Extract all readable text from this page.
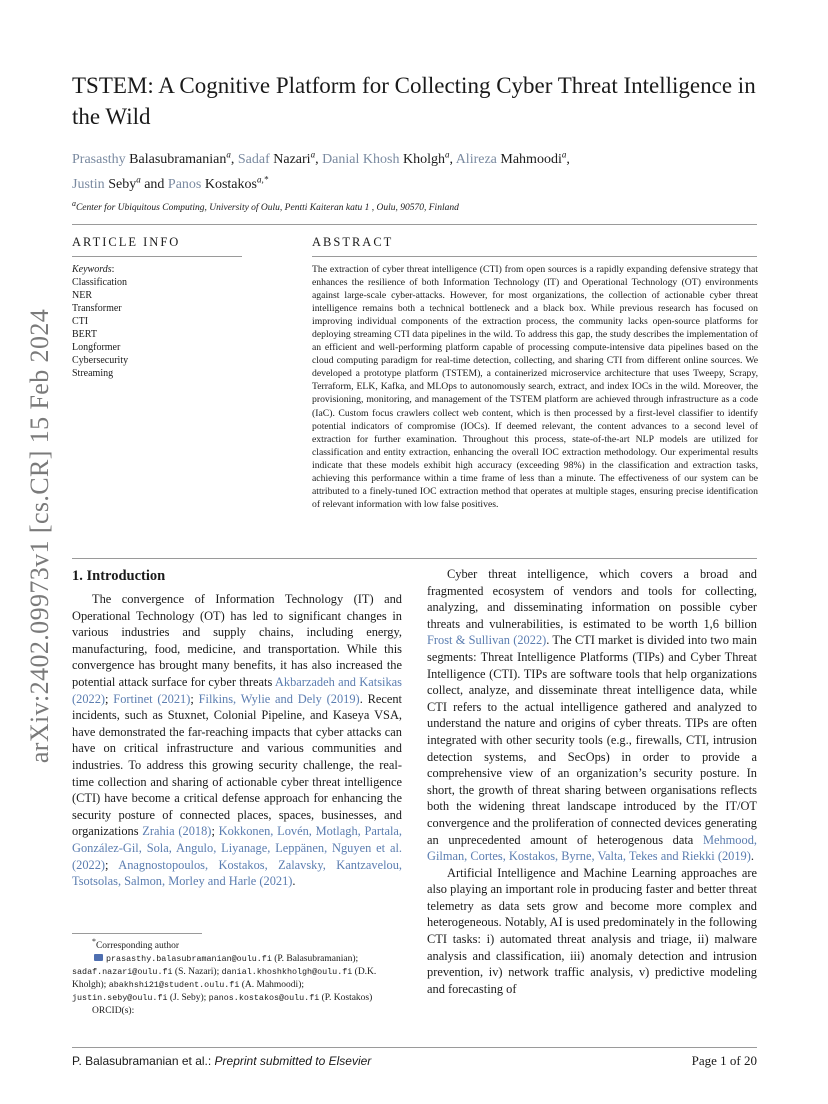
arXiv:2402.09973v1 [cs.CR] 15 Feb 2024
TSTEM: A Cognitive Platform for Collecting Cyber Threat Intelligence in the Wild
Prasasthy Balasubramanian$^a$, Sadaf Nazari$^a$, Danial Khosh Kholgh$^a$, Alireza Mahmoodi$^a$,
Justin Seby$^a$ and Panos Kostakos$^{a,*}$
$^a$Center for Ubiquitous Computing, University of Oulu, Pentti Kaiteran katu 1 , Oulu, 90570, Finland
ARTICLE INFO	ABSTRACT
Keywords:
Classification
NER
Transformer
CTI
BERT
Longformer
Cybersecurity
Streaming
The extraction of cyber threat intelligence (CTI) from open sources is a rapidly expanding defensive strategy that enhances the resilience of both Information Technology (IT) and Operational Technology (OT) environments against large-scale cyber-attacks. However, for most organizations, the collection of actionable cyber threat intelligence remains both a technical bottleneck and a black box. While previous research has focused on improving individual components of the extraction process, the community lacks open-source platforms for deploying streaming CTI data pipelines in the wild. To address this gap, the study describes the implementation of an efficient and well-performing platform capable of processing compute-intensive data pipelines based on the cloud computing paradigm for real-time detection, collecting, and sharing CTI from different online sources. We developed a prototype platform (TSTEM), a containerized microservice architecture that uses Tweepy, Scrapy, Terraform, ELK, Kafka, and MLOps to autonomously search, extract, and index IOCs in the wild. Moreover, the provisioning, monitoring, and management of the TSTEM platform are achieved through infrastructure as a code (IaC). Custom focus crawlers collect web content, which is then processed by a first-level classifier to identify potential indicators of compromise (IOCs). If deemed relevant, the content advances to a second level of extraction for further examination. Throughout this process, state-of-the-art NLP models are utilized for classification and entity extraction, enhancing the overall IOC extraction methodology. Our experimental results indicate that these models exhibit high accuracy (exceeding 98%) in the classification and extraction tasks, achieving this performance within a time frame of less than a minute. The effectiveness of our system can be attributed to a finely-tuned IOC extraction method that operates at multiple stages, ensuring precise identification of relevant information with low false positives.
1. Introduction

The convergence of Information Technology (IT) and Operational Technology (OT) has led to significant changes in various industries and supply chains, including energy, manufacturing, food, medicine, and transportation. While this convergence has brought many benefits, it has also increased the potential attack surface for cyber threats Akbarzadeh and Katsikas (2022); Fortinet (2021); Filkins, Wylie and Dely (2019). Recent incidents, such as Stuxnet, Colonial Pipeline, and Kaseya VSA, have demonstrated the far-reaching impacts that cyber attacks can have on critical infrastructure and various communities and industries. To address this growing security challenge, the real-time collection and sharing of actionable cyber threat intelligence (CTI) have become a critical defense approach for enhancing the security posture of connected places, spaces, businesses, and organizations Zrahia (2018); Kokkonen, Lovén, Motlagh, Partala, González-Gil, Sola, Angulo, Liyanage, Leppänen, Nguyen et al. (2022); Anagnostopoulos, Kostakos, Zalavsky, Kantzavelou, Tsotsolas, Salmon, Morley and Harle (2021).

Cyber threat intelligence, which covers a broad and fragmented ecosystem of vendors and tools for collecting, analyzing, and disseminating information on possible cyber threats and vulnerabilities, is estimated to be worth 1,6 billion Frost & Sullivan (2022). The CTI market is divided into two main segments: Threat Intelligence Platforms (TIPs) and Cyber Threat Intelligence (CTI). TIPs are software tools that help organizations collect, analyze, and disseminate threat intelligence data, while CTI refers to the actual intelligence gathered and analyzed to understand the nature and origins of cyber threats. TIPs are often integrated with other security tools (e.g., firewalls, CTI, intrusion detection systems, and SecOps) in order to provide a comprehensive view of an organization’s security posture. In short, the growth of threat sharing between organisations reflects both the widening threat landscape introduced by the IT/OT convergence and the proliferation of connected devices generating an unprecedented amount of heterogenous data Mehmood, Gilman, Cortes, Kostakos, Byrne, Valta, Tekes and Riekki (2019).

Artificial Intelligence and Machine Learning approaches are also playing an important role in producing faster and better threat telemetry as data sets grow and become more complex and heterogeneous. Notably, AI is used predominately in the following CTI tasks: i) automated threat analysis and triage, ii) malware analysis and classification, iii) anomaly detection and intrusion prevention, iv) network traffic analysis, v) predictive modeling and forecasting of

*Corresponding author
prasasthy.balasubramanian@oulu.fi (P. Balasubramanian);
sadaf.nazari@oulu.fi (S. Nazari); danial.khoshkholgh@oulu.fi (D.K. Kholgh); abakhshi21@student.oulu.fi (A. Mahmoodi);
justin.seby@oulu.fi (J. Seby); panos.kostakos@oulu.fi (P. Kostakos)

ORCID(s):
P. Balasubramanian et al.: Preprint submitted to Elsevier	Page 1 of 20
